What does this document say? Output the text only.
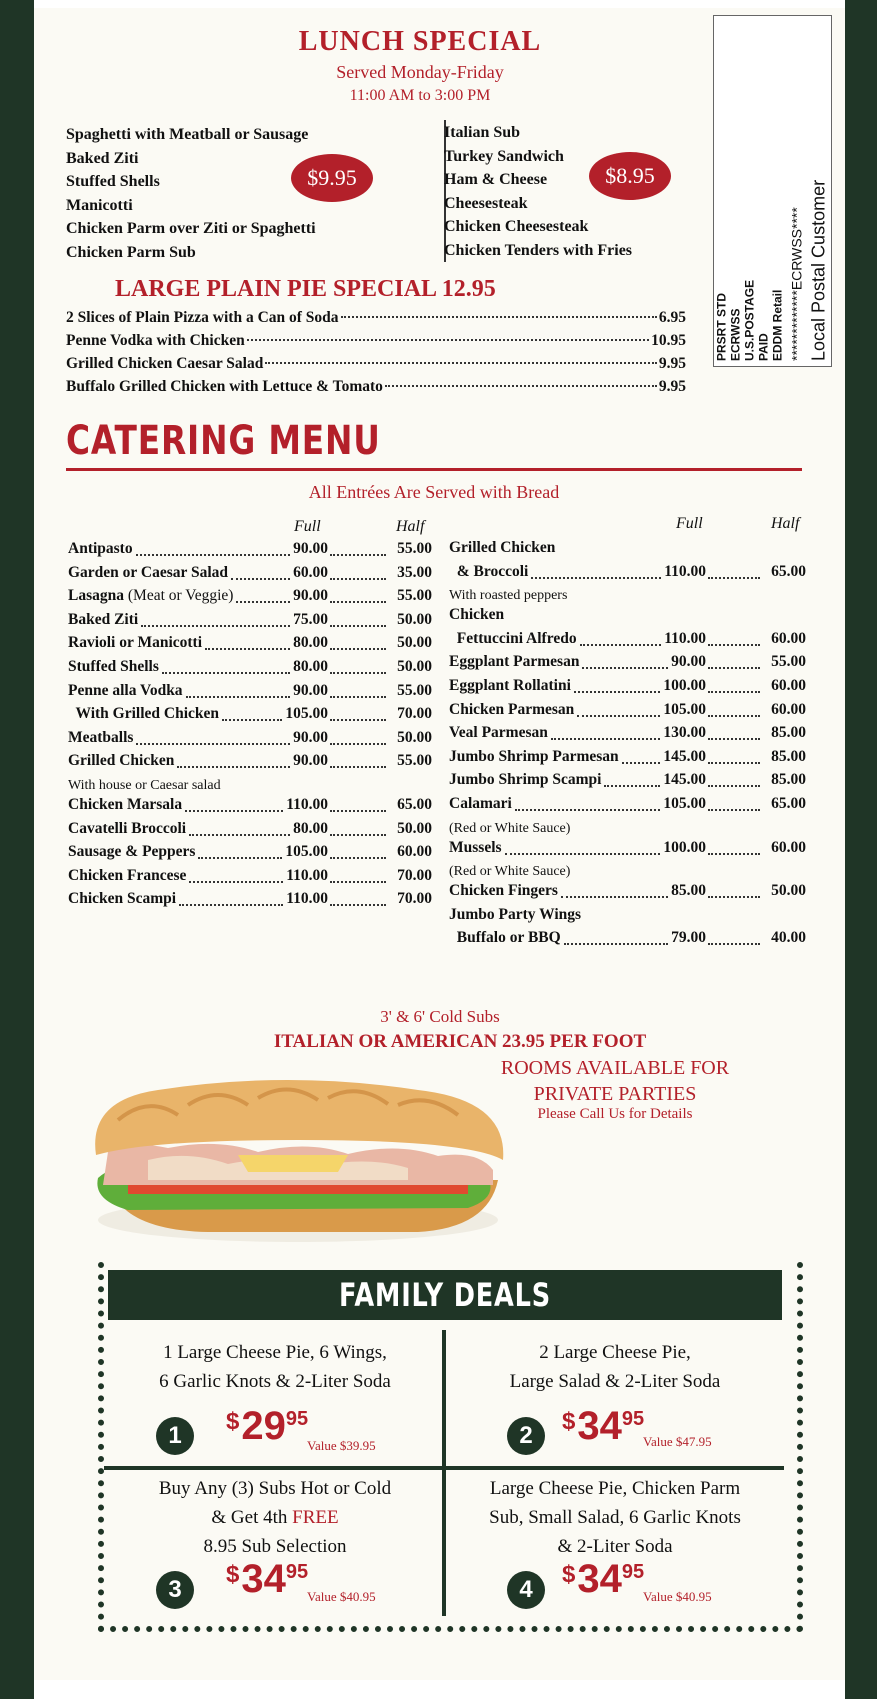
LUNCH SPECIAL
Served Monday-Friday
11:00 AM to 3:00 PM
Spaghetti with Meatball or Sausage
Baked Ziti
Stuffed Shells
Manicotti
Chicken Parm over Ziti or Spaghetti
Chicken Parm Sub
$9.95
Italian Sub
Turkey Sandwich
Ham & Cheese
Cheesesteak
Chicken Cheesesteak
Chicken Tenders with Fries
$8.95
PRSRT STD ECRWSS U.S.POSTAGE PAID EDDM Retail *************ECRWSS**** Local Postal Customer
LARGE PLAIN PIE SPECIAL 12.95
2 Slices of Plain Pizza with a Can of Soda	6.95
Penne Vodka with Chicken	10.95
Grilled Chicken Caesar Salad	9.95
Buffalo Grilled Chicken with Lettuce & Tomato	9.95
CATERING MENU
All Entrées Are Served with Bread
Full	Half	Full	Half
Antipasto	90.00	55.00
Garden or Caesar Salad	60.00	35.00
Lasagna (Meat or Veggie)	90.00	55.00
Baked Ziti	75.00	50.00
Ravioli or Manicotti	80.00	50.00
Stuffed Shells	80.00	50.00
Penne alla Vodka	90.00	55.00
With Grilled Chicken	105.00	70.00
Meatballs	90.00	50.00
Grilled Chicken	90.00	55.00
With house or Caesar salad
Chicken Marsala	110.00	65.00
Cavatelli Broccoli	80.00	50.00
Sausage & Peppers	105.00	60.00
Chicken Francese	110.00	70.00
Chicken Scampi	110.00	70.00
Grilled Chicken
& Broccoli	110.00	65.00
With roasted peppers
Chicken
Fettuccini Alfredo	110.00	60.00
Eggplant Parmesan	90.00	55.00
Eggplant Rollatini	100.00	60.00
Chicken Parmesan	105.00	60.00
Veal Parmesan	130.00	85.00
Jumbo Shrimp Parmesan	145.00	85.00
Jumbo Shrimp Scampi	145.00	85.00
Calamari	105.00	65.00
(Red or White Sauce)
Mussels	100.00	60.00
(Red or White Sauce)
Chicken Fingers	85.00	50.00
Jumbo Party Wings
Buffalo or BBQ	79.00	40.00
3' & 6' Cold Subs
ITALIAN OR AMERICAN 23.95 PER FOOT
ROOMS AVAILABLE FOR
PRIVATE PARTIES
Please Call Us for Details
FAMILY DEALS
1 Large Cheese Pie, 6 Wings,
6 Garlic Knots & 2-Liter Soda
1
$^{\$}29^{95}$
Value $39.95
2 Large Cheese Pie,
Large Salad & 2-Liter Soda
2
$^{\$}34^{95}$
Value $47.95
Buy Any (3) Subs Hot or Cold
& Get 4th FREE
8.95 Sub Selection
3
$^{\$}34^{95}$
Value $40.95
Large Cheese Pie, Chicken Parm
Sub, Small Salad, 6 Garlic Knots
& 2-Liter Soda
4
$^{\$}34^{95}$
Value $40.95
